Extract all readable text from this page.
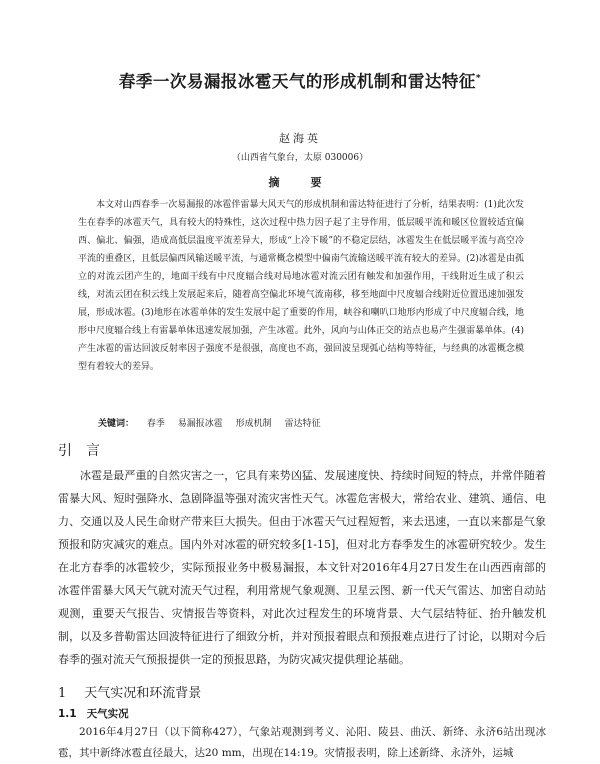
春季一次易漏报冰雹天气的形成机制和雷达特征*
赵海英
（山西省气象台，太原 030006）
摘　要

本文对山西春季一次易漏报的冰雹伴雷暴大风天气的形成机制和雷达特征进行了分析，结果表明：(1)此次发生在春季的冰雹天气，具有较大的特殊性，这次过程中热力因子起了主导作用，低层暖平流和暖区位置较适宜偏西、偏北、偏强，造成高低层温度平流差异大，形成“上冷下暖”的不稳定层结，冰雹发生在低层暖平流与高空冷平流的重叠区，且低层偏西风输送暖平流，与通常概念模型中偏南气流输送暖平流有较大的差异。(2)冰雹是由孤立的对流云团产生的，地面干线有中尺度辐合线对局地冰雹对流云团有触发和加强作用，干线附近生成了积云线，对流云团在积云线上发展起来后，随着高空偏北环境气流南移，移至地面中尺度辐合线附近位置迅速加强发展，形成冰雹。(3)地形在冰雹单体的发生发展中起了重要的作用，峡谷和喇叭口地形内形成了中尺度辐合线，地形中尺度辐合线上有雷暴单体迅速发展加强，产生冰雹。此外，风向与山体正交的站点也易产生强雷暴单体。(4)产生冰雹的雷达回波反射率因子强度不是很强，高度也不高，强回波呈现弧心结构等特征，与经典的冰雹概念模型有着较大的差异。

关键词： 春季 易漏报冰雹 形成机制 雷达特征
引　言

冰雹是最严重的自然灾害之一，它具有来势凶猛、发展速度快、持续时间短的特点，并常伴随着雷暴大风、短时强降水、急剧降温等强对流灾害性天气。冰雹危害极大，常给农业、建筑、通信、电力、交通以及人民生命财产带来巨大损失。但由于冰雹天气过程短暂，来去迅速，一直以来都是气象预报和防灾减灾的难点。国内外对冰雹的研究较多[1-15]，但对北方春季发生的冰雹研究较少。发生在北方春季的冰雹较少，实际预报业务中极易漏报，本文针对2016年4月27日发生在山西西南部的冰雹伴雷暴大风天气就对流天气过程，利用常规气象观测、卫星云图、新一代天气雷达、加密自动站观测，重要天气报告、灾情报告等资料，对此次过程发生的环境背景、大气层结特征、抬升触发机制，以及多普勒雷达回波特征进行了细致分析，并对预报着眼点和预报难点进行了讨论，以期对今后春季的强对流天气预报提供一定的预报思路，为防灾减灾提供理论基础。

1 天气实况和环流背景
1.1 天气实况

2016年4月27日（以下简称427），气象站观测到考义、沁阳、陵县、曲沃、新绛、永济6站出现冰雹，其中新绛冰雹直径最大，达20 mm，出现在14:19。灾情报表明，除上述新绛、永济外，运城
